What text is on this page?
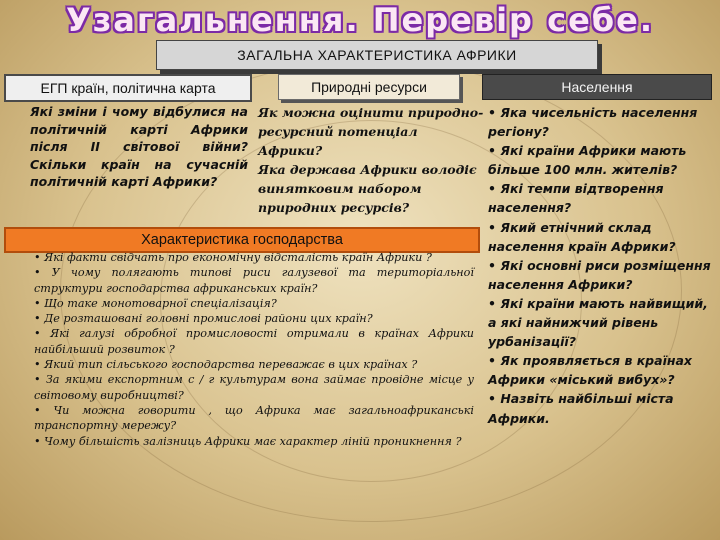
Узагальнення. Перевір себе.
ЗАГАЛЬНА ХАРАКТЕРИСТИКА АФРИКИ
ЕГП країн, політична карта	Природні ресурси	Населення
Які зміни і чому відбулися на політичній карті Африки після ІІ світової війни? Скільки країн на сучасній політичній карті Африки?

Як можна оцінити природно-ресурсний потенціал Африки?

Яка держава Африки володіє винятковим набором природних ресурсів?

Характеристика господарства

• Які факти свідчать про економічну відсталість країн Африки ?

• У чому полягають типові риси галузевої та територіальної структури господарства африканських країн?

• Що таке монотоварної спеціалізація?

• Де розташовані головні промислові райони цих країн?

• Які галузі обробної промисловості отримали в країнах Африки найбільший розвиток ?

• Який тип сільського господарства переважає в цих країнах ?

• За якими експортним с / г культурам вона займає провідне місце у світовому виробництві?

• Чи можна говорити , що Африка має загальноафриканські транспортну мережу?

• Чому більшість залізниць Африки має характер ліній проникнення ?

• Яка чисельність населення регіону?

• Які країни Африки мають більше 100 млн. жителів?

• Які темпи відтворення населення?

• Який етнічний склад населення країн Африки?

• Які основні риси розміщення населення Африки?

• Які країни мають найвищий, а які найнижчий рівень урбанізації?

• Як проявляється в країнах Африки «міський вибух»?

• Назвіть найбільші міста Африки.
